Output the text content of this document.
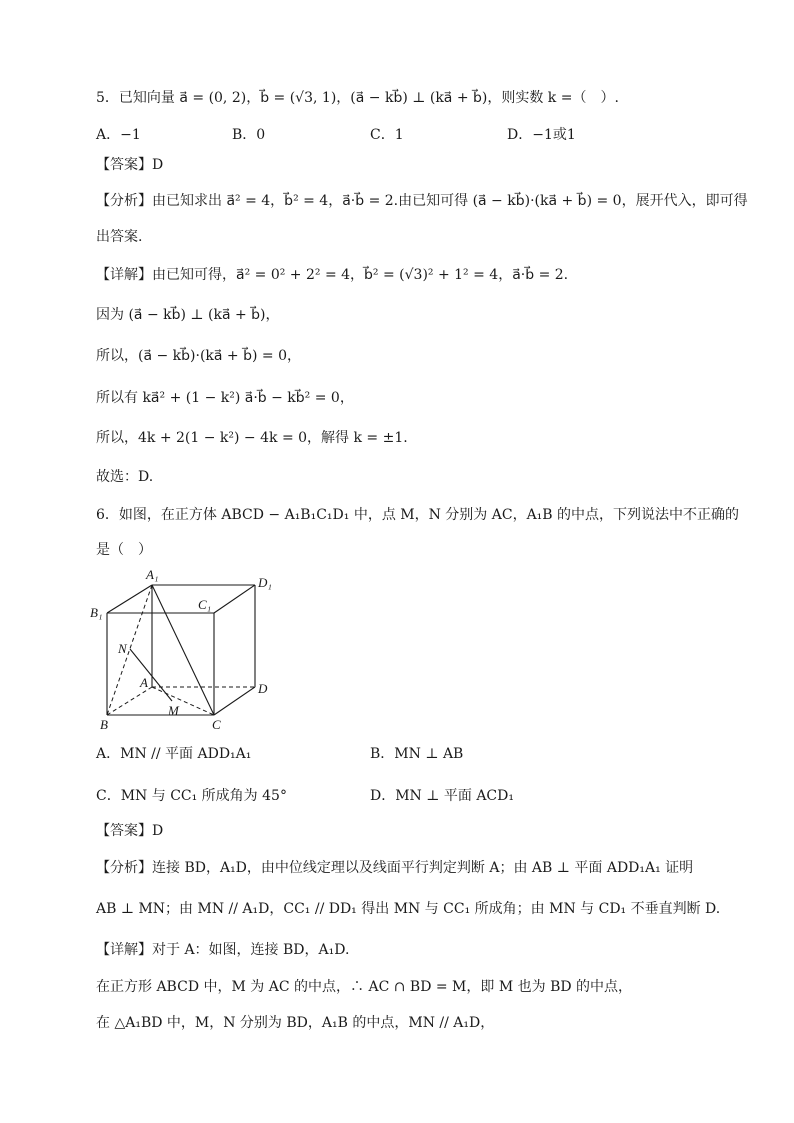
5．已知向量 a⃗ = (0, 2)，b⃗ = (√3, 1)，(a⃗ − kb⃗) ⊥ (ka⃗ + b⃗)，则实数 k =（　）.
A．−1	B．0	C．1	D．−1或1
【答案】D
【分析】由已知求出 a⃗² = 4，b⃗² = 4，a⃗·b⃗ = 2.由已知可得 (a⃗ − kb⃗)·(ka⃗ + b⃗) = 0，展开代入，即可得
出答案.
【详解】由已知可得，a⃗² = 0² + 2² = 4，b⃗² = (√3)² + 1² = 4，a⃗·b⃗ = 2.
因为 (a⃗ − kb⃗) ⊥ (ka⃗ + b⃗)，
所以，(a⃗ − kb⃗)·(ka⃗ + b⃗) = 0，
所以有 ka⃗² + (1 − k²) a⃗·b⃗ − kb⃗² = 0，
所以，4k + 2(1 − k²) − 4k = 0，解得 k = ±1.
故选：D.
6．如图，在正方体 ABCD − A₁B₁C₁D₁ 中，点 M，N 分别为 AC，A₁B 的中点，下列说法中不正确的
是（　）
A₁
D₁
B₁
C₁
N
A	D
B
M
C
A．MN // 平面 ADD₁A₁	B．MN ⊥ AB
C．MN 与 CC₁ 所成角为 45°	D．MN ⊥ 平面 ACD₁
【答案】D
【分析】连接 BD，A₁D，由中位线定理以及线面平行判定判断 A；由 AB ⊥ 平面 ADD₁A₁ 证明
AB ⊥ MN；由 MN // A₁D，CC₁ // DD₁ 得出 MN 与 CC₁ 所成角；由 MN 与 CD₁ 不垂直判断 D.
【详解】对于 A：如图，连接 BD，A₁D.
在正方形 ABCD 中，M 为 AC 的中点，∴ AC ∩ BD = M，即 M 也为 BD 的中点，
在 △A₁BD 中，M，N 分别为 BD，A₁B 的中点，MN // A₁D，
